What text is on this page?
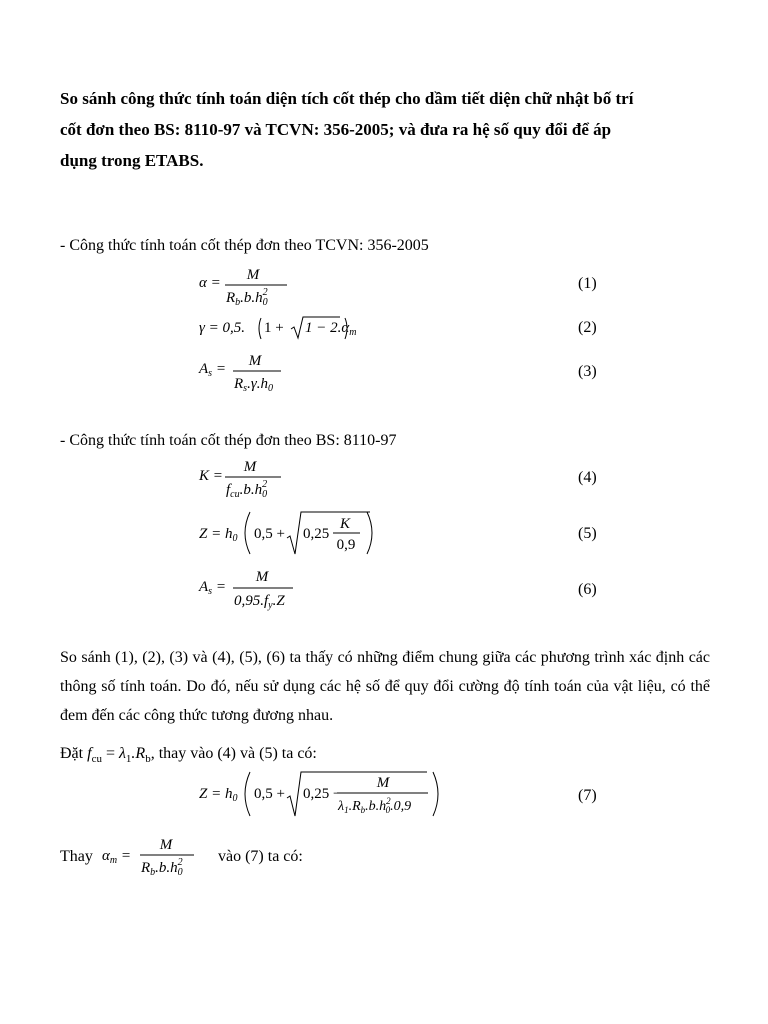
So sánh công thức tính toán diện tích cốt thép cho dầm tiết diện chữ nhật bố trí
cốt đơn theo BS: 8110-97 và TCVN: 356-2005; và đưa ra hệ số quy đổi để áp
dụng trong ETABS.
- Công thức tính toán cốt thép đơn theo TCVN: 356-2005
α = M
$R_b.b.h^2$ 0
(1)
γ = 0,5. $1 + 1 - 2.\alpha_m$	(2)
$A_s = M$
$R_s.\gamma.h_0$
(3)
- Công thức tính toán cốt thép đơn theo BS: 8110-97
K =
M
$f_{cu}.b.h^2$ 0
(4)
$Z = h_0$ 0,5 + 0,25 −
K
0,9
(5)
$A_s$ =
M
$0,95.f_y.Z$
(6)
So sánh (1), (2), (3) và (4), (5), (6) ta thấy có những điểm chung giữa các phương trình xác định các thông số tính toán. Do đó, nếu sử dụng các hệ số để quy đổi cường độ tính toán của vật liệu, có thể đem đến các công thức tương đương nhau.
Đặt $f_{cu} = \lambda_1.R_b$, thay vào (4) và (5) ta có:
$Z = h_0$ 0,5 + 0,25 −
M
$\lambda_1.R_b.b.h^2$ 0.0,9
(7)
Thay $\alpha_m$ =
M
$R_b.b.h^2$ 0
vào (7) ta có:
